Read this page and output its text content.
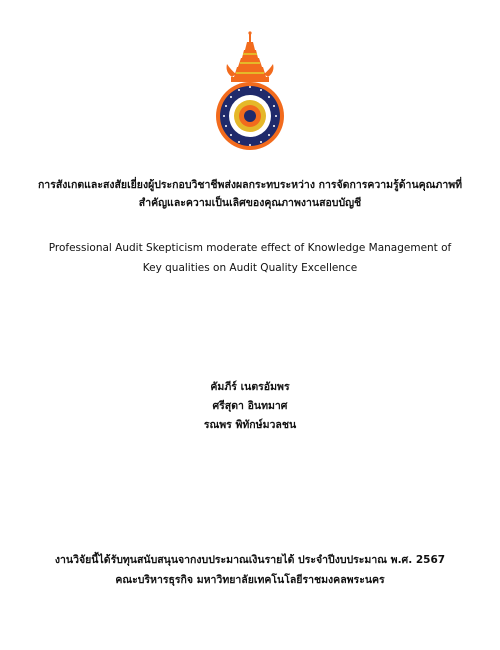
การสังเกตและสงสัยเยี่ยงผู้ประกอบวิชาชีพส่งผลกระทบระหว่าง การจัดการความรู้ด้านคุณภาพที่
สำคัญและความเป็นเลิศของคุณภาพงานสอบบัญชี
Professional Audit Skepticism moderate effect of Knowledge Management of
Key qualities on Audit Quality Excellence
คัมภีร์ เนตรอัมพร
ศรีสุดา อินทมาศ
รณพร พิทักษ์มวลชน
งานวิจัยนี้ได้รับทุนสนับสนุนจากงบประมาณเงินรายได้ ประจำปีงบประมาณ พ.ศ. 2567
คณะบริหารธุรกิจ มหาวิทยาลัยเทคโนโลยีราชมงคลพระนคร
